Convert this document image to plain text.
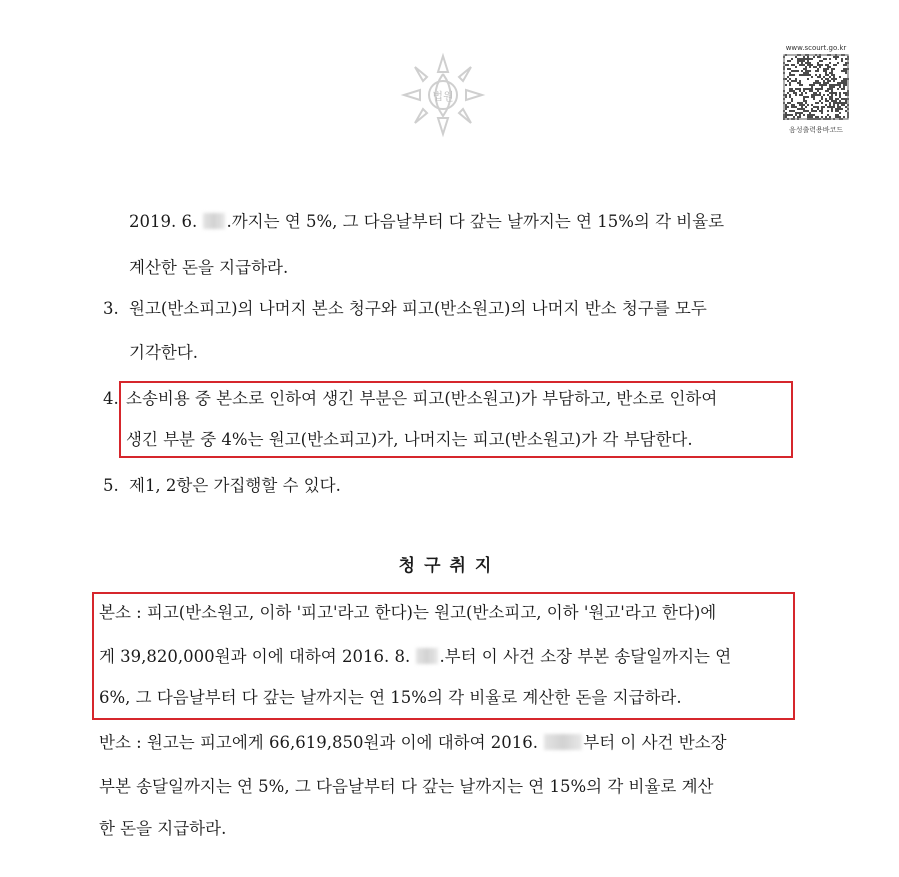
법원
www.scourt.go.kr
음성출력용바코드
2019. 6. .까지는 연 5%, 그 다음날부터 다 갚는 날까지는 연 15%의 각 비율로
계산한 돈을 지급하라.
3. 원고(반소피고)의 나머지 본소 청구와 피고(반소원고)의 나머지 반소 청구를 모두
기각한다.
4. 소송비용 중 본소로 인하여 생긴 부분은 피고(반소원고)가 부담하고, 반소로 인하여
생긴 부분 중 4%는 원고(반소피고)가, 나머지는 피고(반소원고)가 각 부담한다.
5. 제1, 2항은 가집행할 수 있다.
청구취지
본소 : 피고(반소원고, 이하 '피고'라고 한다)는 원고(반소피고, 이하 '원고'라고 한다)에
게 39,820,000원과 이에 대하여 2016. 8. .부터 이 사건 소장 부본 송달일까지는 연
6%, 그 다음날부터 다 갚는 날까지는 연 15%의 각 비율로 계산한 돈을 지급하라.
반소 : 원고는 피고에게 66,619,850원과 이에 대하여 2016. 부터 이 사건 반소장
부본 송달일까지는 연 5%, 그 다음날부터 다 갚는 날까지는 연 15%의 각 비율로 계산
한 돈을 지급하라.
